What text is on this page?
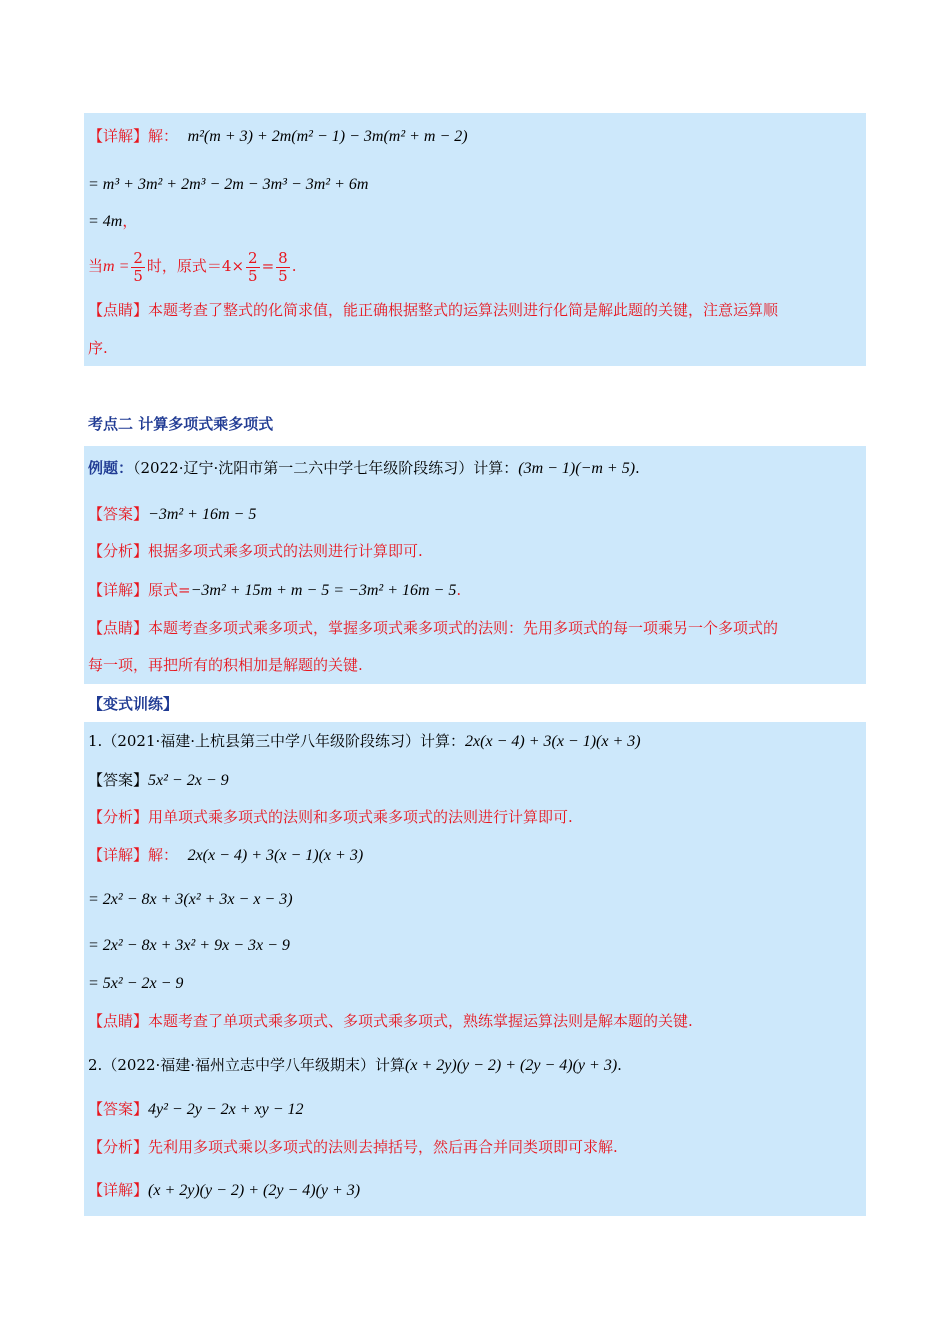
【详解】解： m²(m + 3) + 2m(m² − 1) − 3m(m² + m − 2)
= m³ + 3m² + 2m³ − 2m − 3m³ − 3m² + 6m
= 4m，
当$m = \frac{2}{5}$ 时，原式$=4\times \frac{2}{5} = \frac{8}{5}$ .
【点睛】本题考查了整式的化简求值，能正确根据整式的运算法则进行化简是解此题的关键，注意运算顺
序.
考点二 计算多项式乘多项式
例题：（2022·辽宁·沈阳市第一二六中学七年级阶段练习）计算：(3m − 1)(−m + 5).
【答案】−3m² + 16m − 5
【分析】根据多项式乘多项式的法则进行计算即可.
【详解】原式=−3m² + 15m + m − 5 = −3m² + 16m − 5.
【点睛】本题考查多项式乘多项式，掌握多项式乘多项式的法则：先用多项式的每一项乘另一个多项式的
每一项，再把所有的积相加是解题的关键.
【变式训练】
1.（2021·福建·上杭县第三中学八年级阶段练习）计算：2x(x − 4) + 3(x − 1)(x + 3)
【答案】5x² − 2x − 9
【分析】用单项式乘多项式的法则和多项式乘多项式的法则进行计算即可.
【详解】解： 2x(x − 4) + 3(x − 1)(x + 3)
= 2x² − 8x + 3(x² + 3x − x − 3)
= 2x² − 8x + 3x² + 9x − 3x − 9
= 5x² − 2x − 9
【点睛】本题考查了单项式乘多项式、多项式乘多项式，熟练掌握运算法则是解本题的关键.
2.（2022·福建·福州立志中学八年级期末）计算(x + 2y)(y − 2) + (2y − 4)(y + 3).
【答案】4y² − 2y − 2x + xy − 12
【分析】先利用多项式乘以多项式的法则去掉括号，然后再合并同类项即可求解.
【详解】(x + 2y)(y − 2) + (2y − 4)(y + 3)
